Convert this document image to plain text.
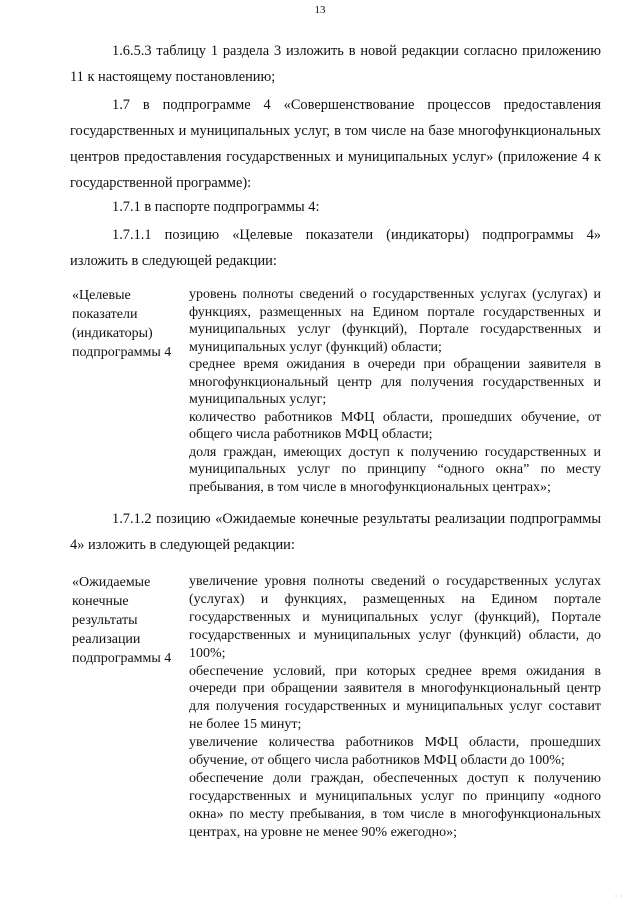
13

1.6.5.3 таблицу 1 раздела 3 изложить в новой редакции согласно приложению 11 к настоящему постановлению;

1.7 в подпрограмме 4 «Совершенствование процессов предоставления государственных и муниципальных услуг, в том числе на базе многофункциональных центров предоставления государственных и муниципальных услуг» (приложение 4 к государственной программе):

1.7.1 в паспорте подпрограммы 4:

1.7.1.1 позицию «Целевые показатели (индикаторы) подпрограммы 4» изложить в следующей редакции:

«Целевые показатели (индикаторы) подпрограммы 4

уровень полноты сведений о государственных услугах (услугах) и функциях, размещенных на Едином портале государственных и муниципальных услуг (функций), Портале государственных и муниципальных услуг (функций) области;

среднее время ожидания в очереди при обращении заявителя в многофункциональный центр для получения государственных и муниципальных услуг;

количество работников МФЦ области, прошедших обучение, от общего числа работников МФЦ области;

доля граждан, имеющих доступ к получению государственных и муниципальных услуг по принципу “одного окна” по месту пребывания, в том числе в многофункциональных центрах»;

1.7.1.2 позицию «Ожидаемые конечные результаты реализации подпрограммы 4» изложить в следующей редакции:

«Ожидаемые конечные результаты реализации подпрограммы 4

увеличение уровня полноты сведений о государственных услугах (услугах) и функциях, размещенных на Едином портале государственных и муниципальных услуг (функций), Портале государственных и муниципальных услуг (функций) области, до 100%;

обеспечение условий, при которых среднее время ожидания в очереди при обращении заявителя в многофункциональный центр для получения государственных и муниципальных услуг составит не более 15 минут;

увеличение количества работников МФЦ области, прошедших обучение, от общего числа работников МФЦ области до 100%;

обеспечение доли граждан, обеспеченных доступ к получению государственных и муниципальных услуг по принципу «одного окна» по месту пребывания, в том числе в многофункциональных центрах, на уровне не менее 90% ежегодно»;

· ·
